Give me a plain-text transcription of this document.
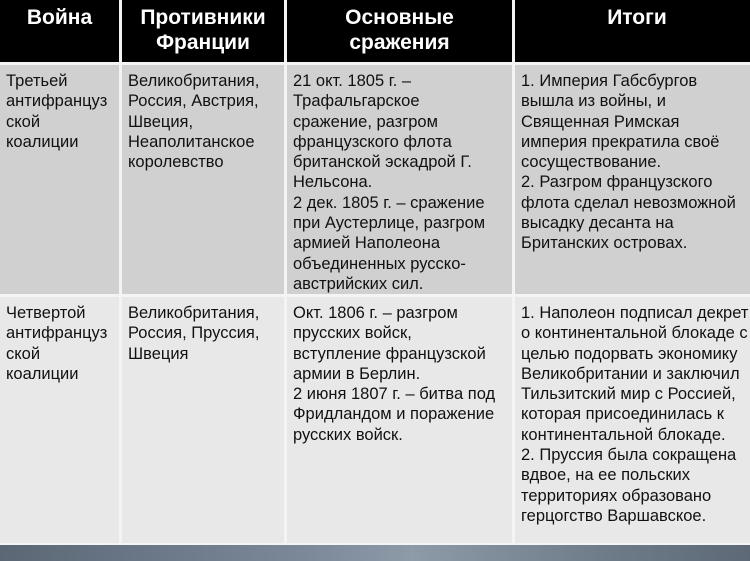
Война	Противники
Франции
Основные
сражения
Итоги
Третьей
антифранцуз
ской
коалиции
Великобритания,
Россия, Австрия,
Швеция,
Неаполитанское
королевство
21 окт. 1805 г. –
Трафальгарское
сражение, разгром
французского флота
британской эскадрой Г.
Нельсона.
2 дек. 1805 г. – сражение
при Аустерлице, разгром
армией Наполеона
объединенных русско-
австрийских сил.
1. Империя Габсбургов
вышла из войны, и
Священная Римская
империя прекратила своё
сосуществование.
2. Разгром французского
флота сделал невозможной
высадку десанта на
Британских островах.
Четвертой
антифранцуз
ской
коалиции
Великобритания,
Россия, Пруссия,
Швеция
Окт. 1806 г. – разгром
прусских войск,
вступление французской
армии в Берлин.
2 июня 1807 г. – битва под
Фридландом и поражение
русских войск.
1. Наполеон подписал декрет
о континентальной блокаде с
целью подорвать экономику
Великобритании и заключил
Тильзитский мир с Россией,
которая присоединилась к
континентальной блокаде.
2. Пруссия была сокращена
вдвое, на ее польских
территориях образовано
герцогство Варшавское.
